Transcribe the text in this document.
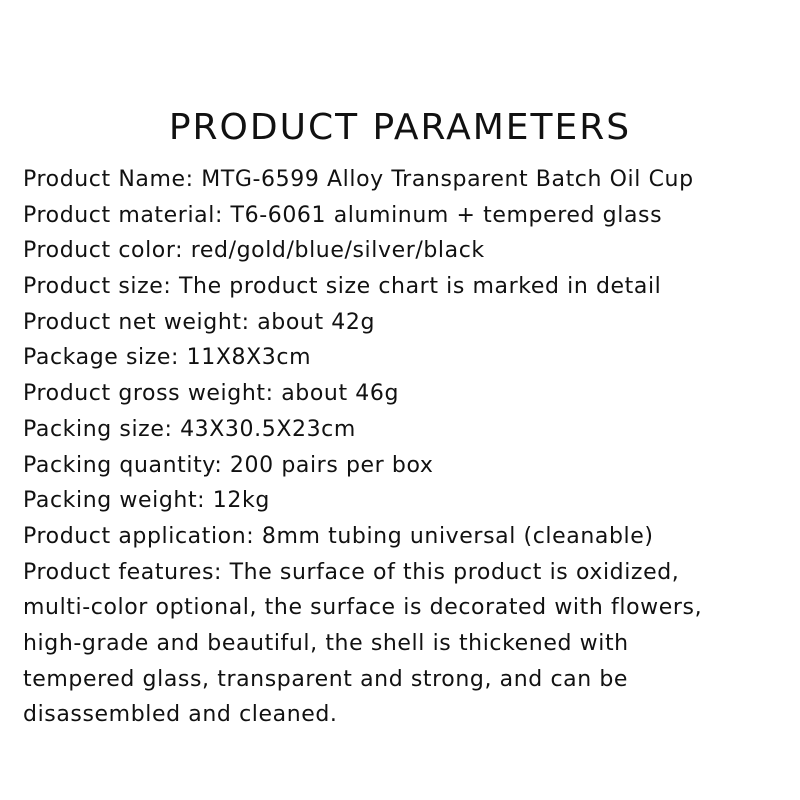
PRODUCT PARAMETERS
Product Name: MTG-6599 Alloy Transparent Batch Oil Cup
Product material: T6-6061 aluminum + tempered glass
Product color: red/gold/blue/silver/black
Product size: The product size chart is marked in detail
Product net weight: about 42g
Package size: 11X8X3cm
Product gross weight: about 46g
Packing size: 43X30.5X23cm
Packing quantity: 200 pairs per box
Packing weight: 12kg
Product application: 8mm tubing universal (cleanable)
Product features: The surface of this product is oxidized,
multi-color optional, the surface is decorated with flowers,
high-grade and beautiful, the shell is thickened with
tempered glass, transparent and strong, and can be
disassembled and cleaned.
